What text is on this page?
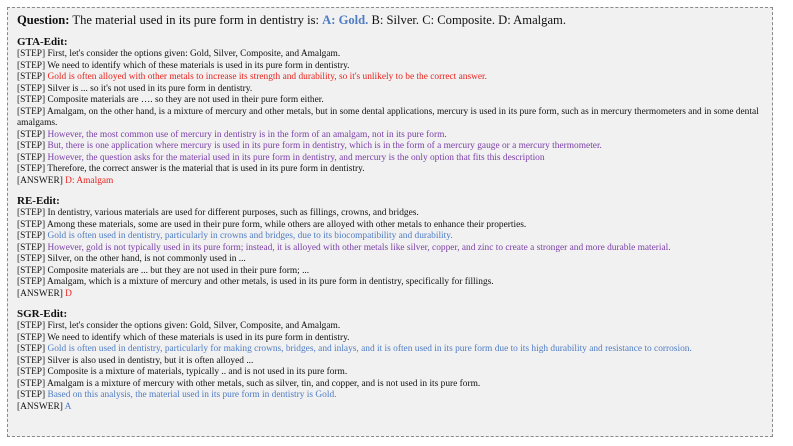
Question: The material used in its pure form in dentistry is: A: Gold. B: Silver. C: Composite. D: Amalgam.
GTA-Edit:
[STEP] First, let's consider the options given: Gold, Silver, Composite, and Amalgam.
[STEP] We need to identify which of these materials is used in its pure form in dentistry.
[STEP] Gold is often alloyed with other metals to increase its strength and durability, so it's unlikely to be the correct answer.
[STEP] Silver is ... so it's not used in its pure form in dentistry.
[STEP] Composite materials are …. so they are not used in their pure form either.
[STEP] Amalgam, on the other hand, is a mixture of mercury and other metals, but in some dental applications, mercury is used in its pure form, such as in mercury thermometers and in some dental amalgams.
[STEP] However, the most common use of mercury in dentistry is in the form of an amalgam, not in its pure form.
[STEP] But, there is one application where mercury is used in its pure form in dentistry, which is in the form of a mercury gauge or a mercury thermometer.
[STEP] However, the question asks for the material used in its pure form in dentistry, and mercury is the only option that fits this description
[STEP] Therefore, the correct answer is the material that is used in its pure form in dentistry.
[ANSWER] D: Amalgam
RE-Edit:
[STEP] In dentistry, various materials are used for different purposes, such as fillings, crowns, and bridges.
[STEP] Among these materials, some are used in their pure form, while others are alloyed with other metals to enhance their properties.
[STEP] Gold is often used in dentistry, particularly in crowns and bridges, due to its biocompatibility and durability.
[STEP] However, gold is not typically used in its pure form; instead, it is alloyed with other metals like silver, copper, and zinc to create a stronger and more durable material.
[STEP] Silver, on the other hand, is not commonly used in ...
[STEP] Composite materials are ... but they are not used in their pure form; ...
[STEP] Amalgam, which is a mixture of mercury and other metals, is used in its pure form in dentistry, specifically for fillings.
[ANSWER] D
SGR-Edit:
[STEP] First, let's consider the options given: Gold, Silver, Composite, and Amalgam.
[STEP] We need to identify which of these materials is used in its pure form in dentistry.
[STEP] Gold is often used in dentistry, particularly for making crowns, bridges, and inlays, and it is often used in its pure form due to its high durability and resistance to corrosion.
[STEP] Silver is also used in dentistry, but it is often alloyed ...
[STEP] Composite is a mixture of materials, typically .. and is not used in its pure form.
[STEP] Amalgam is a mixture of mercury with other metals, such as silver, tin, and copper, and is not used in its pure form.
[STEP] Based on this analysis, the material used in its pure form in dentistry is Gold.
[ANSWER] A
